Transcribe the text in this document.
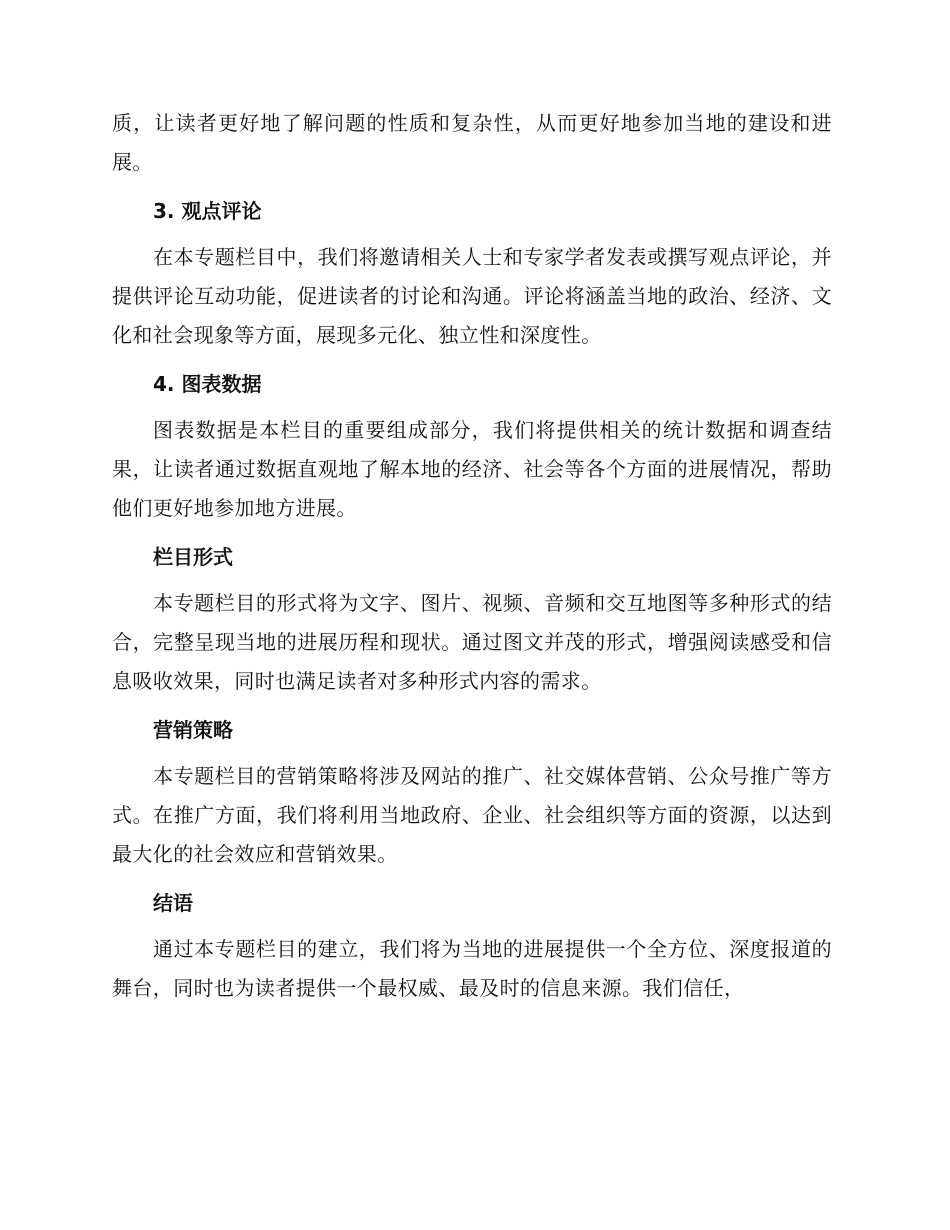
质，让读者更好地了解问题的性质和复杂性，从而更好地参加当地的建设和进展。

3. 观点评论

在本专题栏目中，我们将邀请相关人士和专家学者发表或撰写观点评论，并提供评论互动功能，促进读者的讨论和沟通。评论将涵盖当地的政治、经济、文化和社会现象等方面，展现多元化、独立性和深度性。

4. 图表数据

图表数据是本栏目的重要组成部分，我们将提供相关的统计数据和调查结果，让读者通过数据直观地了解本地的经济、社会等各个方面的进展情况，帮助他们更好地参加地方进展。

栏目形式

本专题栏目的形式将为文字、图片、视频、音频和交互地图等多种形式的结合，完整呈现当地的进展历程和现状。通过图文并茂的形式，增强阅读感受和信息吸收效果，同时也满足读者对多种形式内容的需求。

营销策略

本专题栏目的营销策略将涉及网站的推广、社交媒体营销、公众号推广等方式。在推广方面，我们将利用当地政府、企业、社会组织等方面的资源，以达到最大化的社会效应和营销效果。

结语

通过本专题栏目的建立，我们将为当地的进展提供一个全方位、深度报道的舞台，同时也为读者提供一个最权威、最及时的信息来源。我们信任，
